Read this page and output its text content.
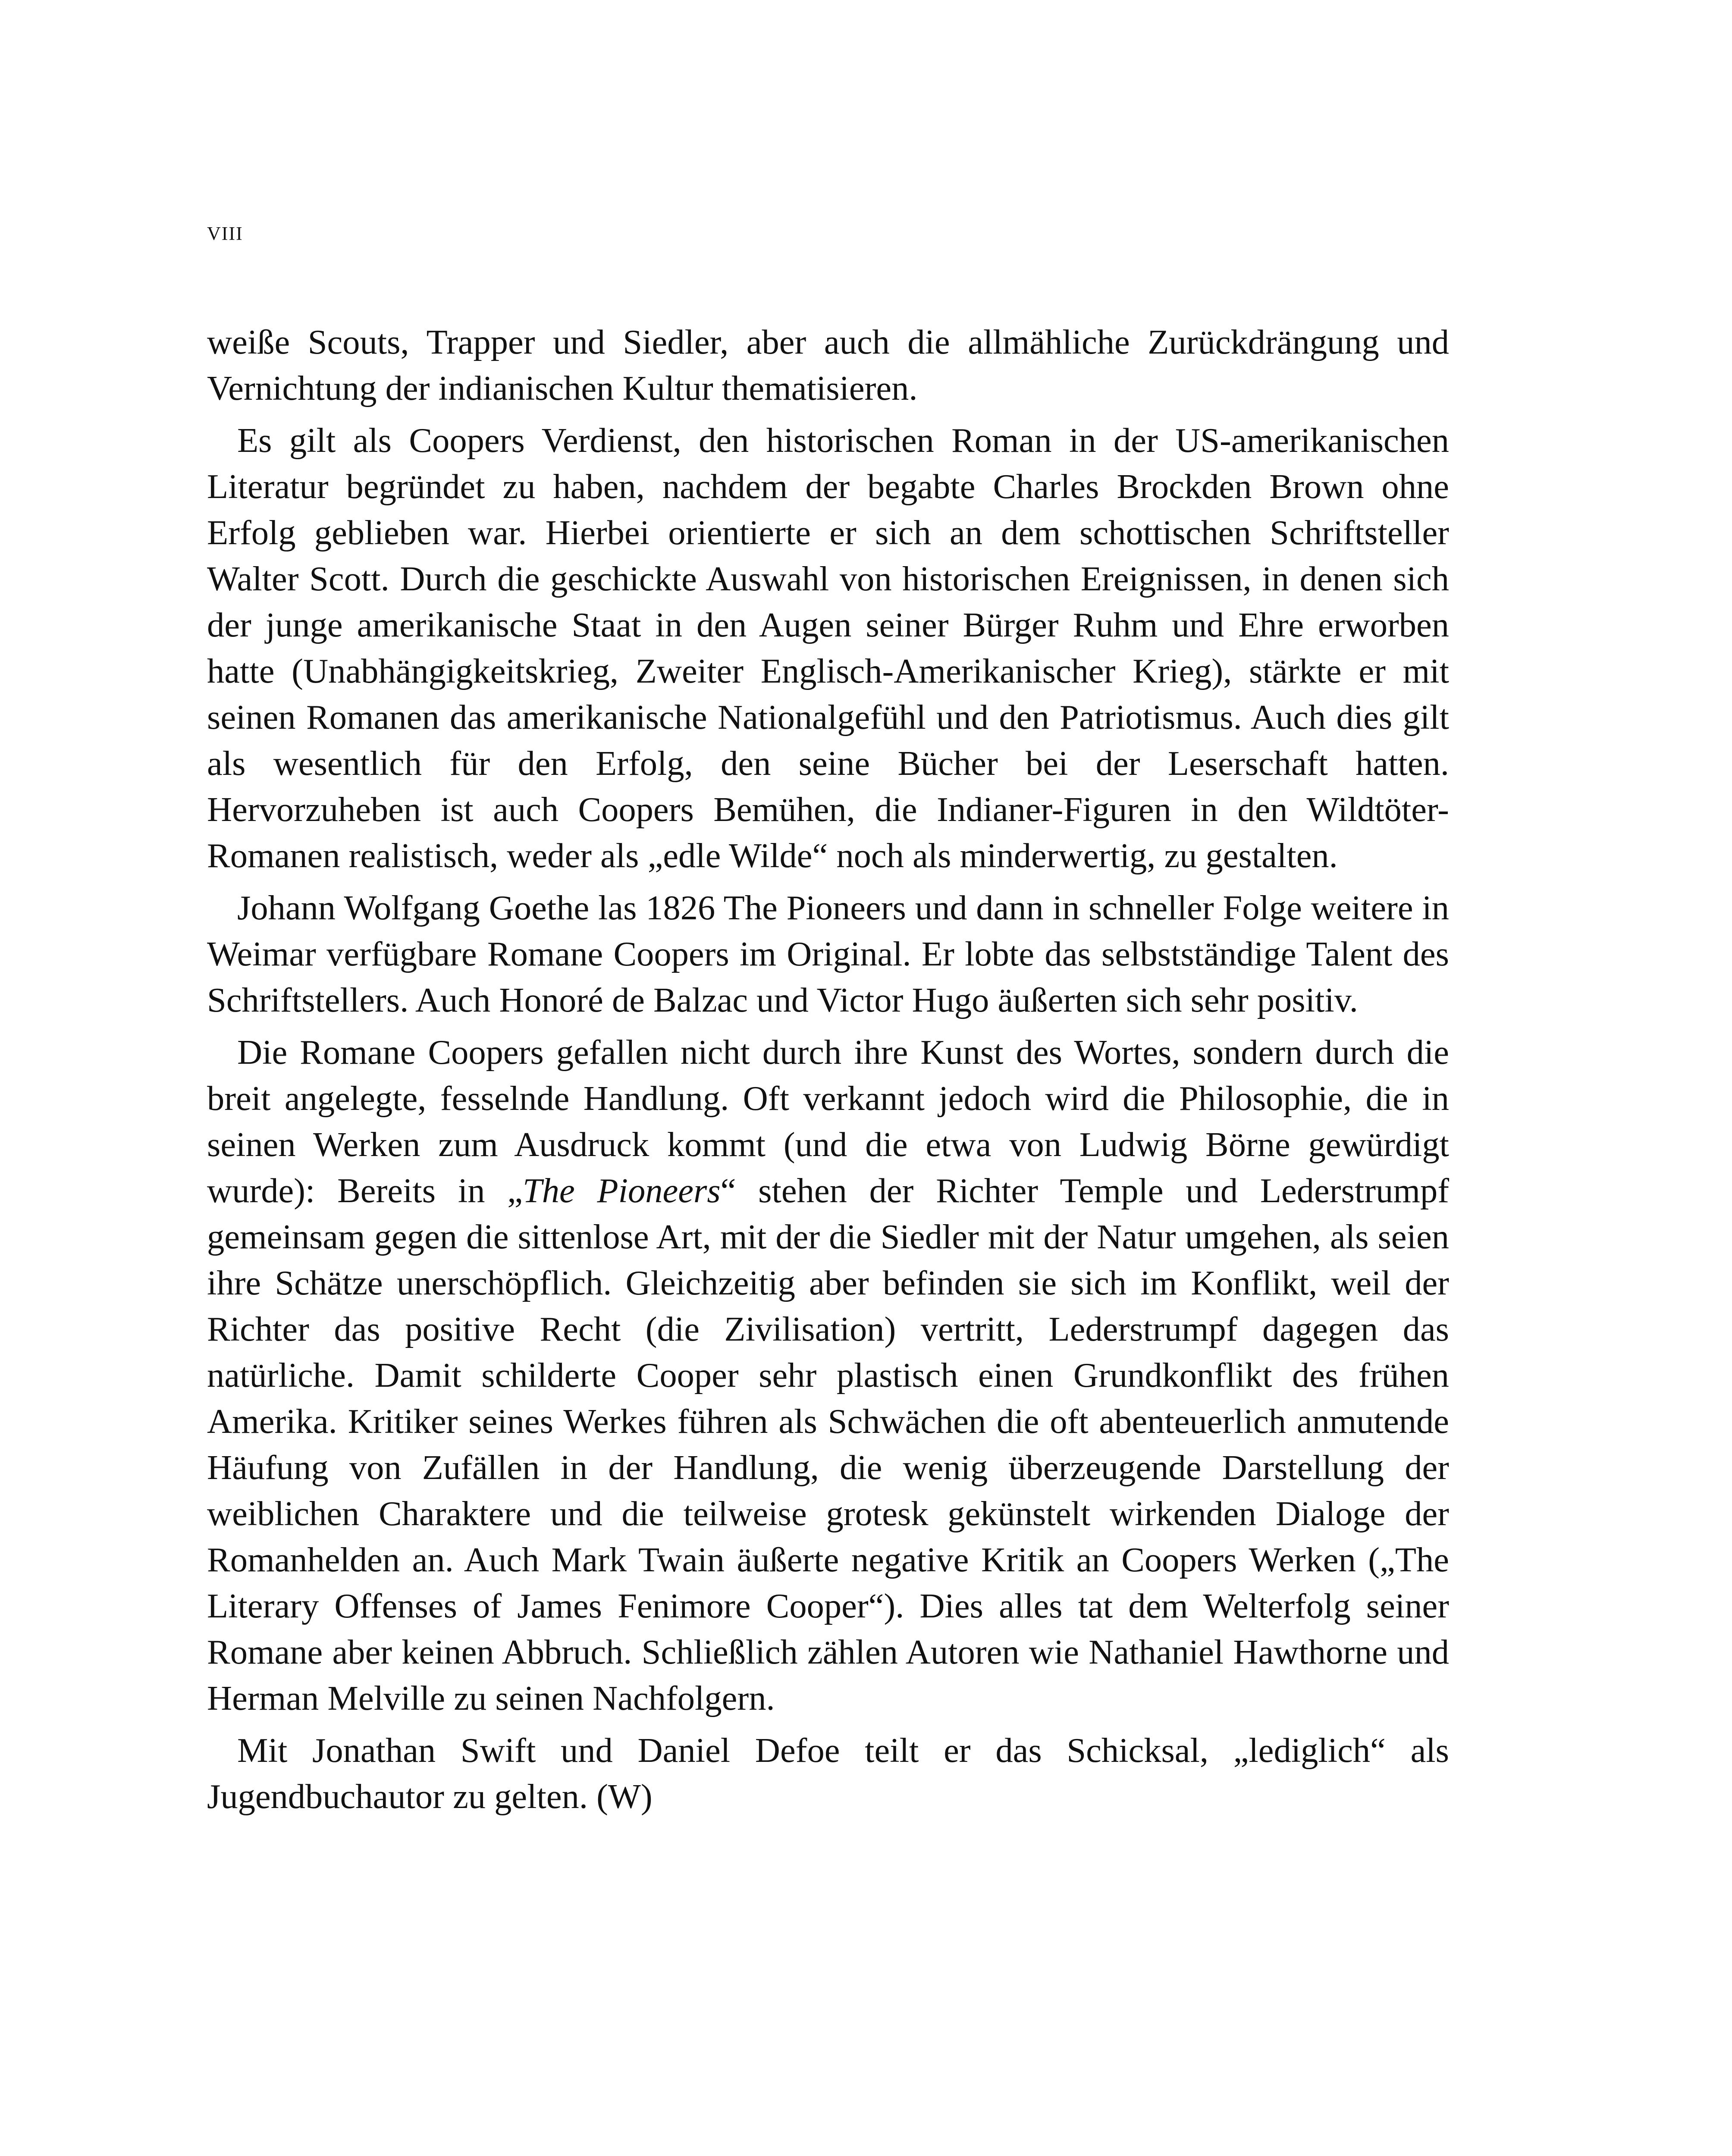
VIII

weiße Scouts, Trapper und Siedler, aber auch die allmähliche Zurückdrängung und Vernichtung der indianischen Kultur thematisieren.

Es gilt als Coopers Verdienst, den historischen Roman in der US-amerikanischen Literatur begründet zu haben, nachdem der begabte Charles Brockden Brown ohne Erfolg geblieben war. Hierbei orientierte er sich an dem schottischen Schriftsteller Walter Scott. Durch die geschickte Auswahl von historischen Ereignissen, in denen sich der junge amerikanische Staat in den Augen seiner Bürger Ruhm und Ehre erworben hatte (Unabhängigkeitskrieg, Zweiter Englisch-Amerikanischer Krieg), stärkte er mit seinen Romanen das amerikanische Nationalgefühl und den Patriotismus. Auch dies gilt als wesentlich für den Erfolg, den seine Bücher bei der Leserschaft hatten. Hervorzuheben ist auch Coopers Bemühen, die Indianer-Figuren in den Wildtöter-Romanen realistisch, weder als „edle Wilde“ noch als minderwertig, zu gestalten.

Johann Wolfgang Goethe las 1826 The Pioneers und dann in schneller Folge weitere in Weimar verfügbare Romane Coopers im Original. Er lobte das selbstständige Talent des Schriftstellers. Auch Honoré de Balzac und Victor Hugo äußerten sich sehr positiv.

Die Romane Coopers gefallen nicht durch ihre Kunst des Wortes, sondern durch die breit angelegte, fesselnde Handlung. Oft verkannt jedoch wird die Philosophie, die in seinen Werken zum Ausdruck kommt (und die etwa von Ludwig Börne gewürdigt wurde): Bereits in „The Pioneers“ stehen der Richter Temple und Lederstrumpf gemeinsam gegen die sittenlose Art, mit der die Siedler mit der Natur umgehen, als seien ihre Schätze unerschöpflich. Gleichzeitig aber befinden sie sich im Konflikt, weil der Richter das positive Recht (die Zivilisation) vertritt, Lederstrumpf dagegen das natürliche. Damit schilderte Cooper sehr plastisch einen Grundkonflikt des frühen Amerika. Kritiker seines Werkes führen als Schwächen die oft abenteuerlich anmutende Häufung von Zufällen in der Handlung, die wenig überzeugende Darstellung der weiblichen Charaktere und die teilweise grotesk gekünstelt wirkenden Dialoge der Romanhelden an. Auch Mark Twain äußerte negative Kritik an Coopers Werken („The Literary Offenses of James Fenimore Cooper“). Dies alles tat dem Welterfolg seiner Romane aber keinen Abbruch. Schließlich zählen Autoren wie Nathaniel Hawthorne und Herman Melville zu seinen Nachfolgern.

Mit Jonathan Swift und Daniel Defoe teilt er das Schicksal, „lediglich“ als Jugendbuchautor zu gelten. (W)
